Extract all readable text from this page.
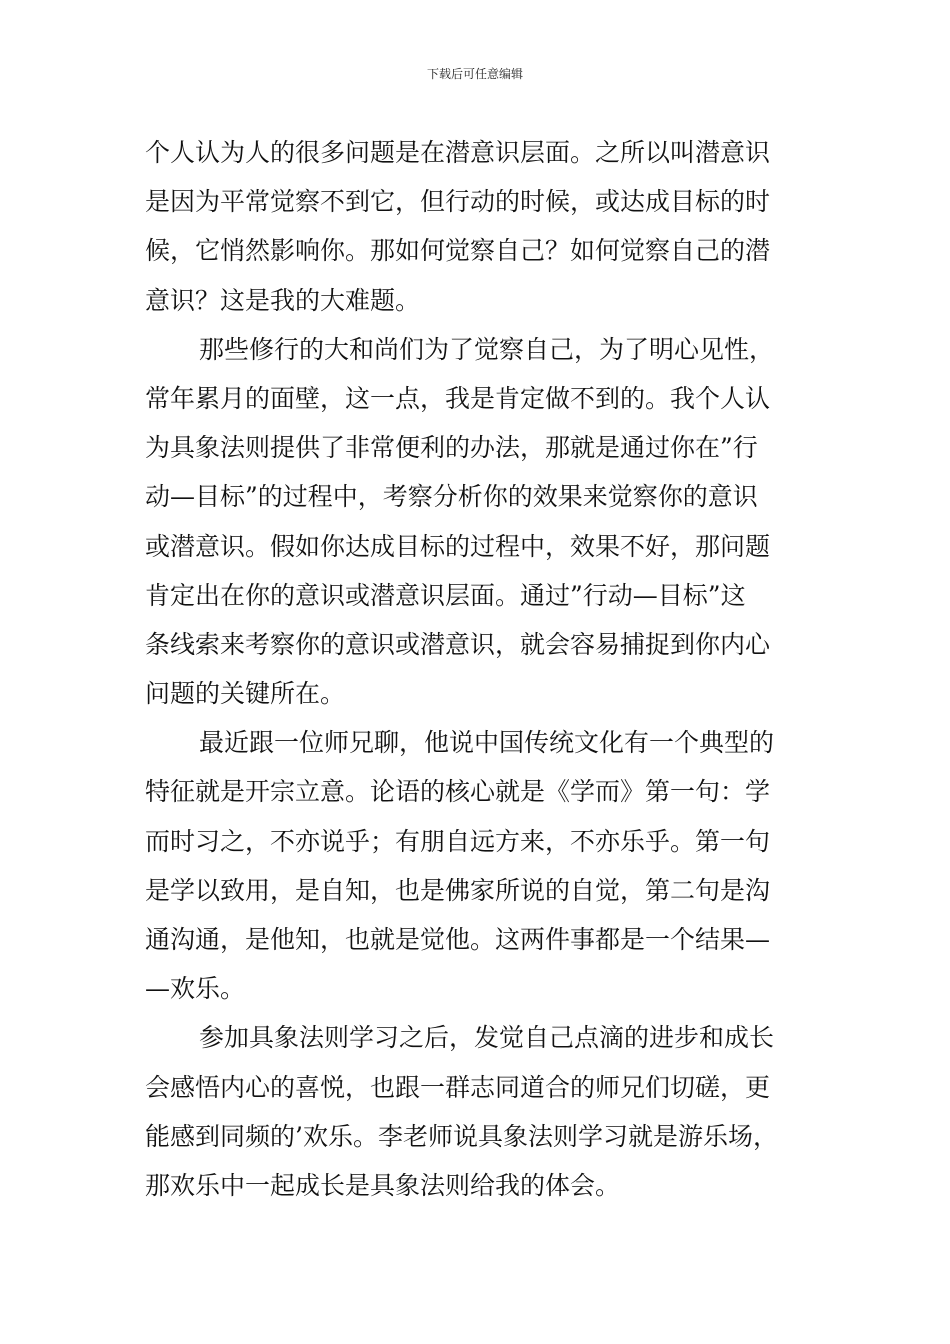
下载后可任意编辑
个人认为人的很多问题是在潜意识层面。之所以叫潜意识
是因为平常觉察不到它，但行动的时候，或达成目标的时
候，它悄然影响你。那如何觉察自己？如何觉察自己的潜
意识？这是我的大难题。
那些修行的大和尚们为了觉察自己，为了明心见性，
常年累月的面壁，这一点，我是肯定做不到的。我个人认
为具象法则提供了非常便利的办法，那就是通过你在”行
动—目标”的过程中，考察分析你的效果来觉察你的意识
或潜意识。假如你达成目标的过程中，效果不好，那问题
肯定出在你的意识或潜意识层面。通过”行动—目标”这
条线索来考察你的意识或潜意识，就会容易捕捉到你内心
问题的关键所在。
最近跟一位师兄聊，他说中国传统文化有一个典型的
特征就是开宗立意。论语的核心就是《学而》第一句：学
而时习之，不亦说乎；有朋自远方来，不亦乐乎。第一句
是学以致用，是自知，也是佛家所说的自觉，第二句是沟
通沟通，是他知，也就是觉他。这两件事都是一个结果—
—欢乐。
参加具象法则学习之后，发觉自己点滴的进步和成长
会感悟内心的喜悦，也跟一群志同道合的师兄们切磋，更
能感到同频的’欢乐。李老师说具象法则学习就是游乐场，
那欢乐中一起成长是具象法则给我的体会。
